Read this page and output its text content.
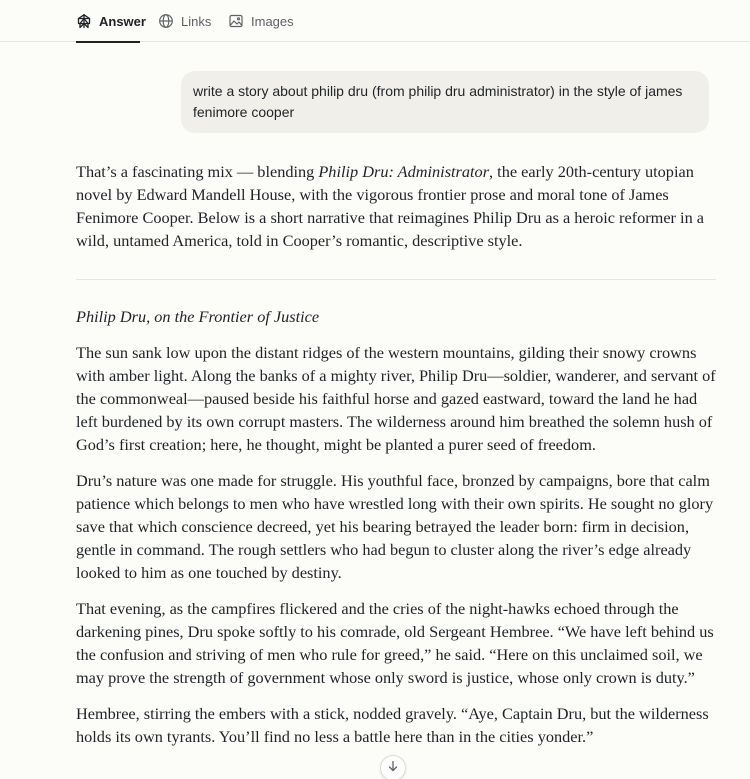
Answer	Links	Images
write a story about philip dru (from philip dru administrator) in the style of james fenimore cooper

That’s a fascinating mix — blending Philip Dru: Administrator, the early 20th-century utopian novel by Edward Mandell House, with the vigorous frontier prose and moral tone of James Fenimore Cooper. Below is a short narrative that reimagines Philip Dru as a heroic reformer in a wild, untamed America, told in Cooper’s romantic, descriptive style.

Philip Dru, on the Frontier of Justice

The sun sank low upon the distant ridges of the western mountains, gilding their snowy crowns with amber light. Along the banks of a mighty river, Philip Dru—soldier, wanderer, and servant of the commonweal—paused beside his faithful horse and gazed eastward, toward the land he had left burdened by its own corrupt masters. The wilderness around him breathed the solemn hush of God’s first creation; here, he thought, might be planted a purer seed of freedom.

Dru’s nature was one made for struggle. His youthful face, bronzed by campaigns, bore that calm patience which belongs to men who have wrestled long with their own spirits. He sought no glory save that which conscience decreed, yet his bearing betrayed the leader born: firm in decision, gentle in command. The rough settlers who had begun to cluster along the river’s edge already looked to him as one touched by destiny.

That evening, as the campfires flickered and the cries of the night-hawks echoed through the darkening pines, Dru spoke softly to his comrade, old Sergeant Hembree. “We have left behind us the confusion and striving of men who rule for greed,” he said. “Here on this unclaimed soil, we may prove the strength of government whose only sword is justice, whose only crown is duty.”

Hembree, stirring the embers with a stick, nodded gravely. “Aye, Captain Dru, but the wilderness holds its own tyrants. You’ll find no less a battle here than in the cities yonder.”
